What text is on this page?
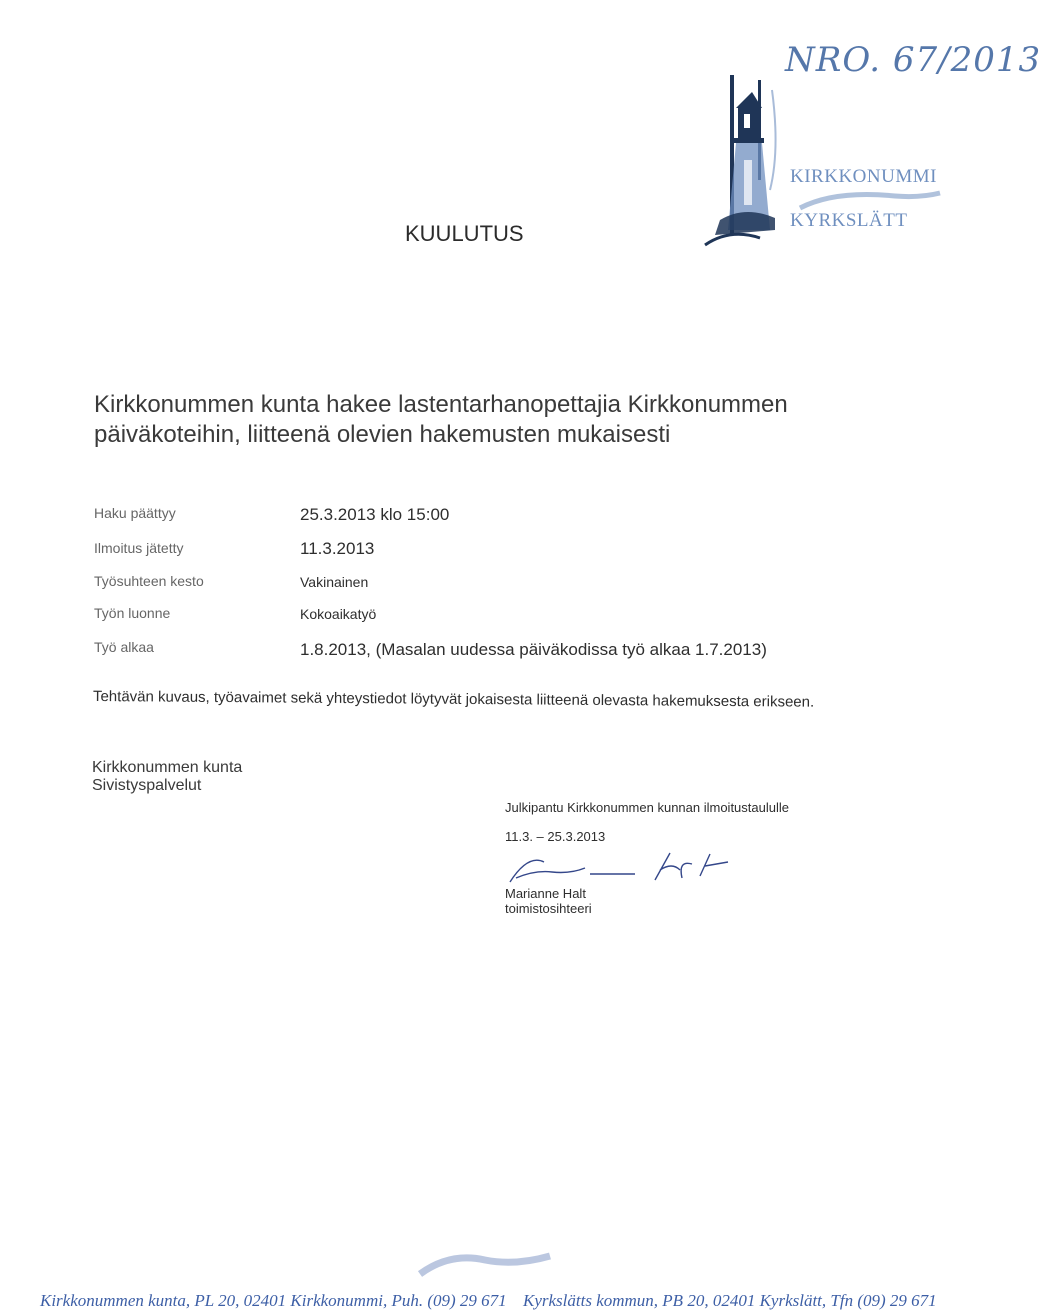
NRO. 67/2013
KIRKKONUMMI
KYRKSLÄTT
KUULUTUS
Kirkkonummen kunta hakee lastentarhanopettajia Kirkkonummen
päiväkoteihin, liitteenä olevien hakemusten mukaisesti
Haku päättyy	25.3.2013 klo 15:00
Ilmoitus jätetty	11.3.2013
Työsuhteen kesto	Vakinainen
Työn luonne	Kokoaikatyö
Työ alkaa	1.8.2013, (Masalan uudessa päiväkodissa työ alkaa 1.7.2013)
Tehtävän kuvaus, työavaimet sekä yhteystiedot löytyvät jokaisesta liitteenä olevasta hakemuksesta erikseen.
Kirkkonummen kunta
Sivistyspalvelut
Julkipantu Kirkkonummen kunnan ilmoitustaululle
11.3. – 25.3.2013
Marianne Halt
toimistosihteeri
Kirkkonummen kunta, PL 20, 02401 Kirkkonummi, Puh. (09) 29 671 Kyrkslätts kommun, PB 20, 02401 Kyrkslätt, Tfn (09) 29 671
